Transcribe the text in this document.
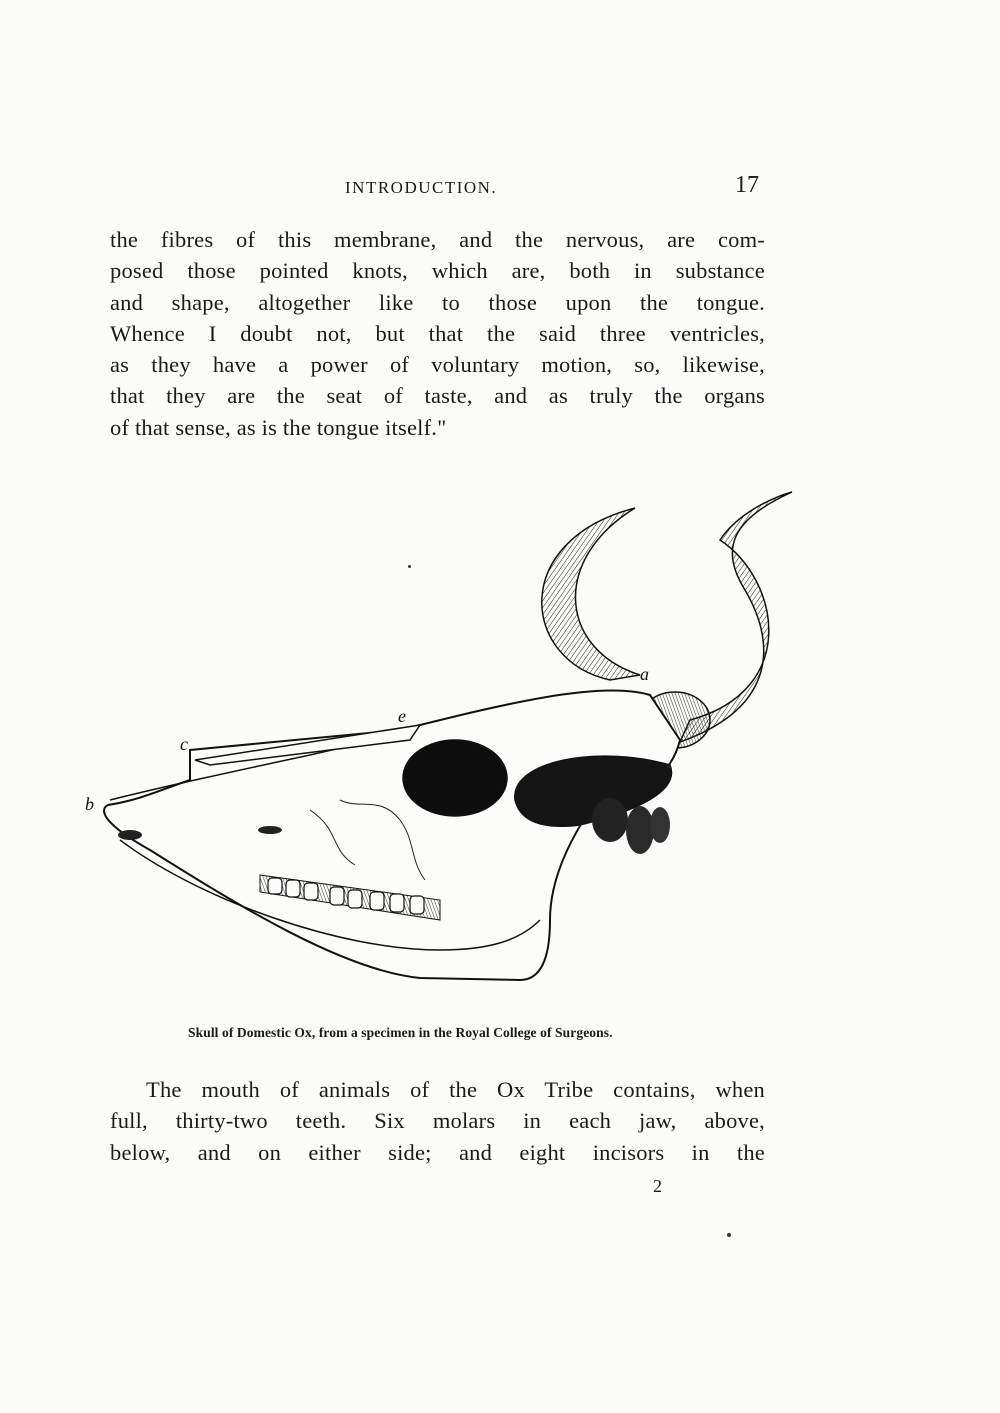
INTRODUCTION.	17
the fibres of this membrane, and the nervous, are com-
posed those pointed knots, which are, both in substance
and shape, altogether like to those upon the tongue.
Whence I doubt not, but that the said three ventricles,
as they have a power of voluntary motion, so, likewise,
that they are the seat of taste, and as truly the organs
of that sense, as is the tongue itself."
a
b
c
e
Skull of Domestic Ox, from a specimen in the Royal College of Surgeons.
The mouth of animals of the Ox Tribe contains, when
full, thirty-two teeth. Six molars in each jaw, above,
below, and on either side; and eight incisors in the
2
